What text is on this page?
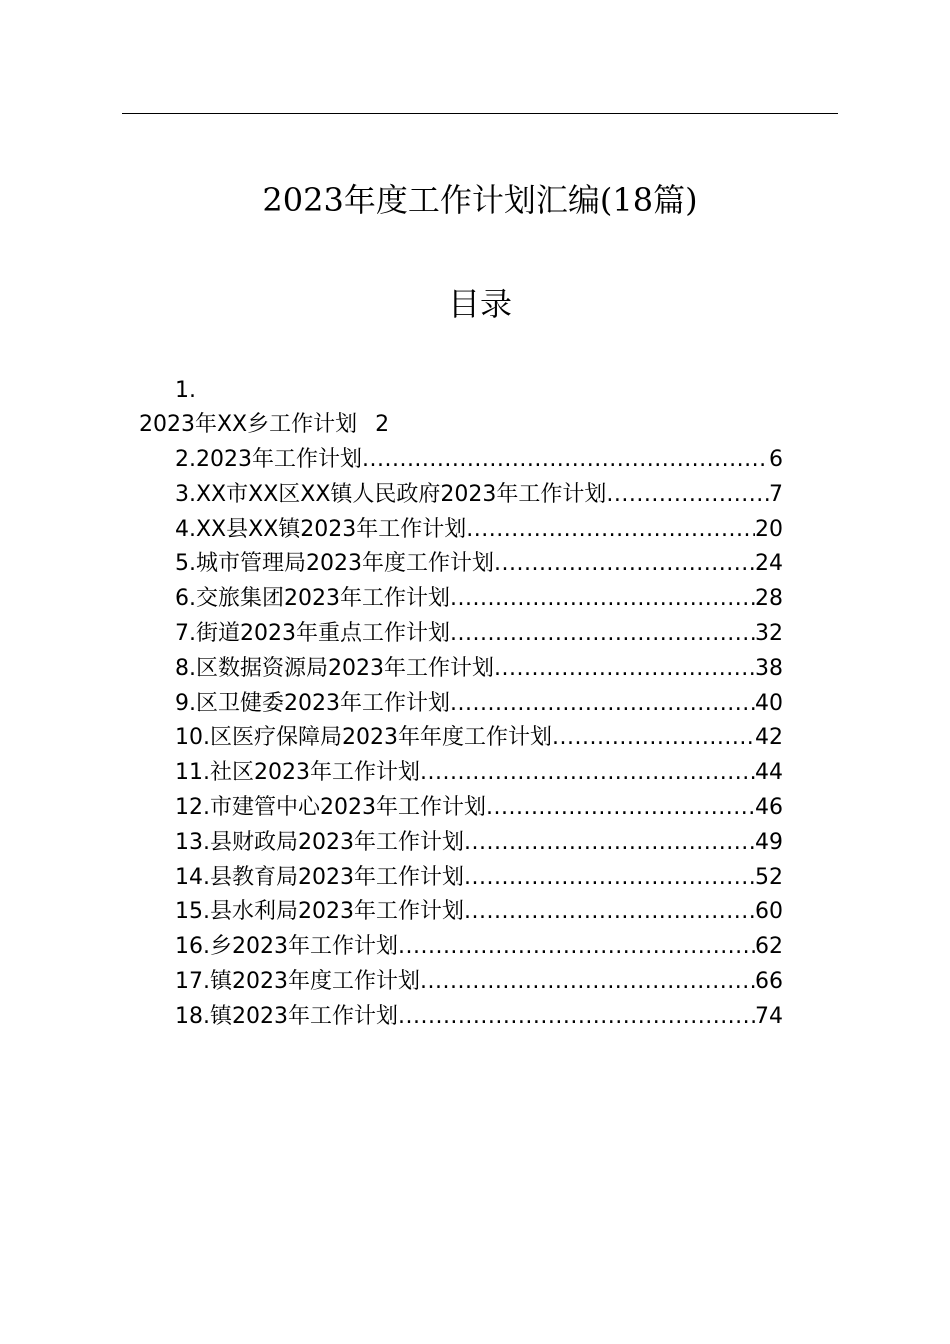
2023年度工作计划汇编(18篇)
目录
1.
2023年XX乡工作计划 2
2.2023年工作计划 .....	6
3.XX市XX区XX镇人民政府2023年工作计划 .....	7
4.XX县XX镇2023年工作计划 .....	20
5.城市管理局2023年度工作计划 .....	24
6.交旅集团2023年工作计划 .....	28
7.街道2023年重点工作计划 .....	32
8.区数据资源局2023年工作计划 .....	38
9.区卫健委2023年工作计划 .....	40
10.区医疗保障局2023年年度工作计划 .....	42
11.社区2023年工作计划 .....	44
12.市建管中心2023年工作计划 .....	46
13.县财政局2023年工作计划 .....	49
14.县教育局2023年工作计划 .....	52
15.县水利局2023年工作计划 .....	60
16.乡2023年工作计划 .....	62
17.镇2023年度工作计划 .....	66
18.镇2023年工作计划 .....	74
